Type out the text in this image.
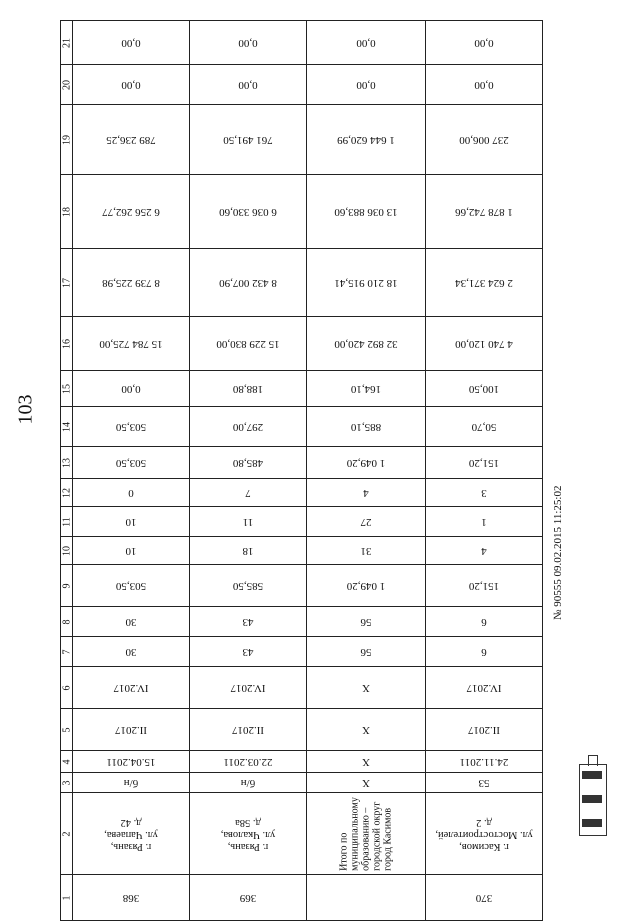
103
21	0,00	0,00	0,00	0,00

20	0,00	0,00	0,00	0,00

19	789 236,25	761 491,50	1 644 620,99	237 006,00

18	6 256 262,77	6 036 330,60	13 036 883,60	1 878 742,66

17	8 739 225,98	8 432 007,90	18 210 915,41	2 624 371,34

16	15 784 725,00	15 229 830,00	32 892 420,00	4 740 120,00

15	0,00	188,80	164,10	100,50

14	503,50	297,00	885,10	50,70

13	503,50	485,80	1 049,20	151,20

12	0	7	4	3

11	10	11	27	1

10	10	18	31	4

9	503,50	585,50	1 049,20	151,20

8	30	43	56	6

7	30	43	56	6

6	IV.2017	IV.2017	X	IV.2017

5	II.2017	II.2017	X	II.2017

4	15.04.2011	22.03.2011	X	24.11.2011

3	б/н	б/н	X	53

2	г. Рязань,
ул. Чапаева,
д. 42	г. Рязань,
ул. Чкалова,
д. 58а	Итого по муниципальному образованию – городской округ город Касимов	г. Касимов,
ул. Мостостроителей,
д. 2

1	368	369		370
№ 90555 09.02.2015 11:25:02
